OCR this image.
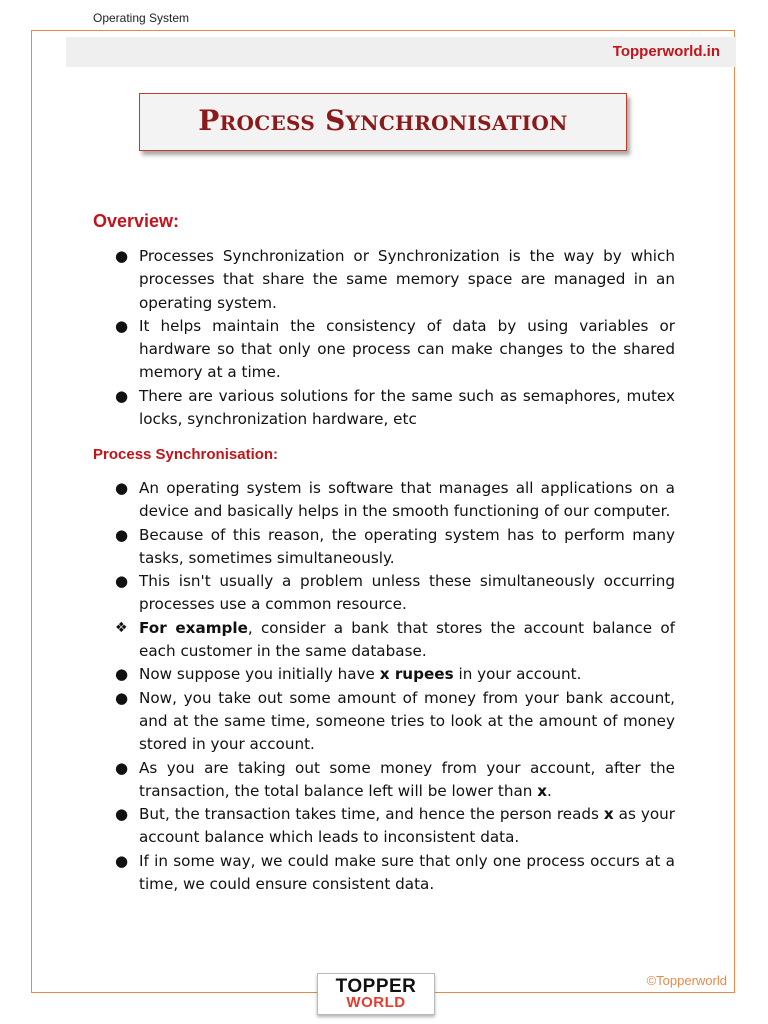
Operating System
Topperworld.in
Process Synchronisation
Overview:
● Processes Synchronization or Synchronization is the way by which processes that share the same memory space are managed in an operating system.
● It helps maintain the consistency of data by using variables or hardware so that only one process can make changes to the shared memory at a time.
● There are various solutions for the same such as semaphores, mutex locks, synchronization hardware, etc
Process Synchronisation:
● An operating system is software that manages all applications on a device and basically helps in the smooth functioning of our computer.
● Because of this reason, the operating system has to perform many tasks, sometimes simultaneously.
● This isn't usually a problem unless these simultaneously occurring processes use a common resource.
❖ For example, consider a bank that stores the account balance of each customer in the same database.
● Now suppose you initially have x rupees in your account.
● Now, you take out some amount of money from your bank account, and at the same time, someone tries to look at the amount of money stored in your account.
● As you are taking out some money from your account, after the transaction, the total balance left will be lower than x.
● But, the transaction takes time, and hence the person reads x as your account balance which leads to inconsistent data.
● If in some way, we could make sure that only one process occurs at a time, we could ensure consistent data.
TOPPER
WORLD
©Topperworld
